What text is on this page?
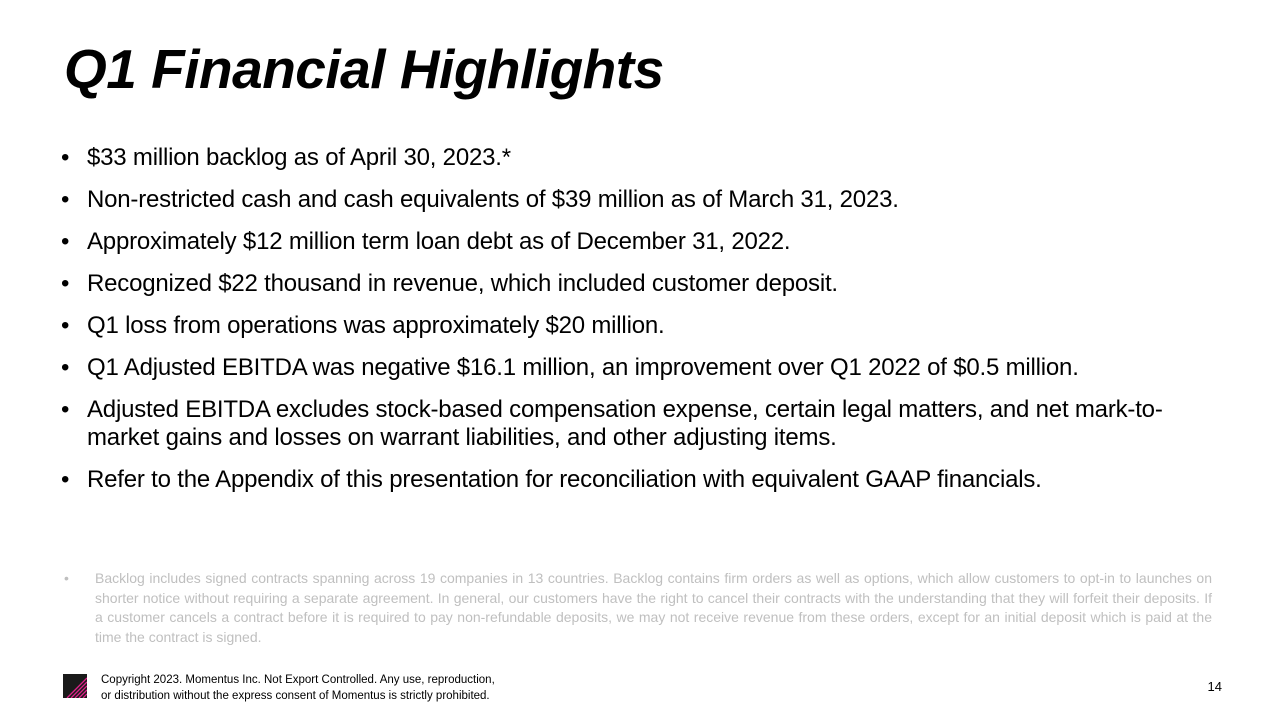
Q1 Financial Highlights
• $33 million backlog as of April 30, 2023.*
• Non-restricted cash and cash equivalents of $39 million as of March 31, 2023.
• Approximately $12 million term loan debt as of December 31, 2022.
• Recognized $22 thousand in revenue, which included customer deposit.
• Q1 loss from operations was approximately $20 million.
• Q1 Adjusted EBITDA was negative $16.1 million, an improvement over Q1 2022 of $0.5 million.
• Adjusted EBITDA excludes stock-based compensation expense, certain legal matters, and net mark-to-market gains and losses on warrant liabilities, and other adjusting items.
• Refer to the Appendix of this presentation for reconciliation with equivalent GAAP financials.
•	Backlog includes signed contracts spanning across 19 companies in 13 countries. Backlog contains firm orders as well as options, which allow customers to opt-in to launches on shorter notice without requiring a separate agreement. In general, our customers have the right to cancel their contracts with the understanding that they will forfeit their deposits. If a customer cancels a contract before it is required to pay non-refundable deposits, we may not receive revenue from these orders, except for an initial deposit which is paid at the time the contract is signed.

Copyright 2023. Momentus Inc. Not Export Controlled. Any use, reproduction,
or distribution without the express consent of Momentus is strictly prohibited.
14
